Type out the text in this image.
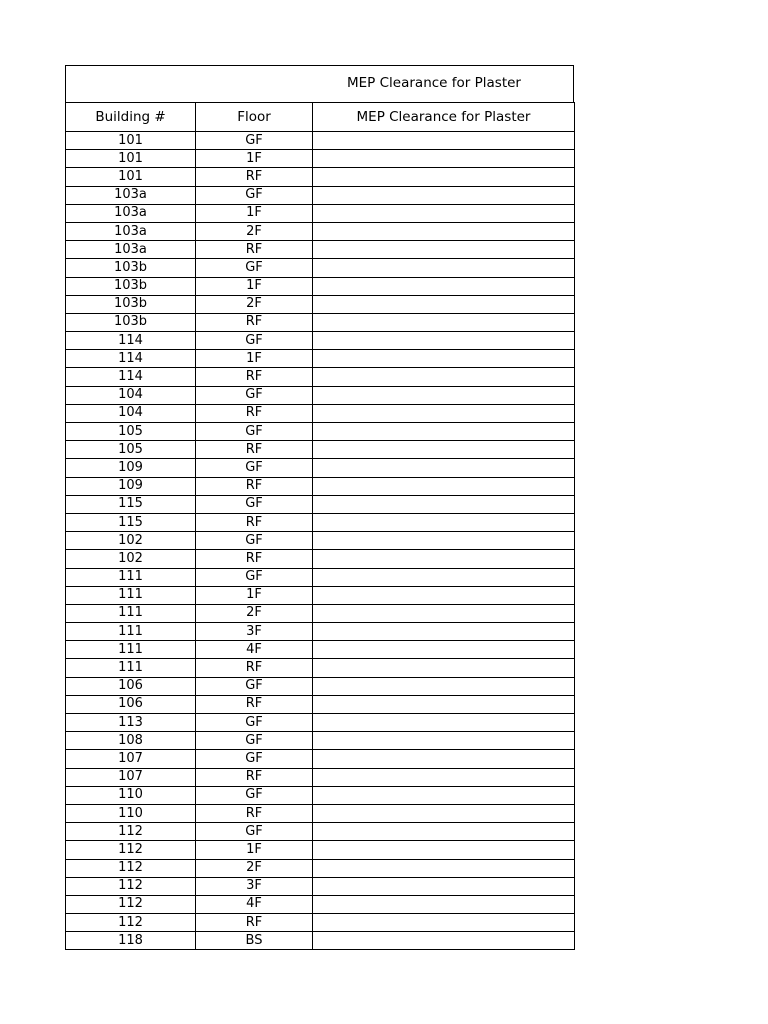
MEP Clearance for Plaster
Building #	Floor	MEP Clearance for Plaster
101	GF	
101	1F	
101	RF	
103a	GF	
103a	1F	
103a	2F	
103a	RF	
103b	GF	
103b	1F	
103b	2F	
103b	RF	
114	GF	
114	1F	
114	RF	
104	GF	
104	RF	
105	GF	
105	RF	
109	GF	
109	RF	
115	GF	
115	RF	
102	GF	
102	RF	
111	GF	
111	1F	
111	2F	
111	3F	
111	4F	
111	RF	
106	GF	
106	RF	
113	GF	
108	GF	
107	GF	
107	RF	
110	GF	
110	RF	
112	GF	
112	1F	
112	2F	
112	3F	
112	4F	
112	RF	
118	BS	
